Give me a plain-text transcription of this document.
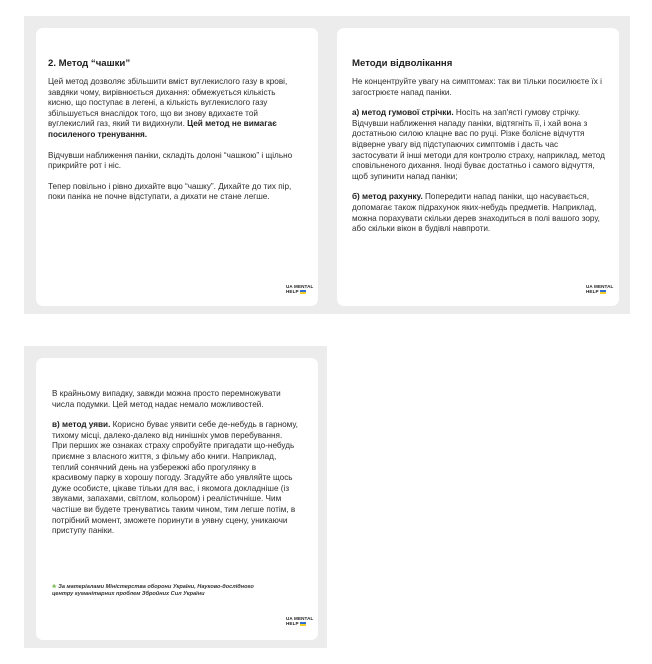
2. Метод “чашки”

Цей метод дозволяє збільшити вміст вуглекислого газу в крові, завдяки чому, вирівнюється дихання: обмежується кількість кисню, що поступає в легені, а кількість вуглекислого газу збільшується внаслідок того, що ви знову вдихаєте той вуглекислий газ, який ти видихнули. Цей метод не вимагає посиленого тренування.

Відчувши наближення паніки, складіть долоні “чашкою” і щільно прикрийте рот і ніс.

Тепер повільно і рівно дихайте вцю “чашку”. Дихайте до тих пір, поки паніка не почне відступати, а дихати не стане легше.

UA MENTAL
HELP
Методи відволікання

Не концентруйте увагу на симптомах: так ви тільки посилюєте їх і загострюєте напад паніки.

а) метод гумової стрічки. Носіть на зап'ясті гумову стрічку. Відчувши наближення нападу паніки, відтягніть її, і хай вона з достатньою силою клацне вас по руці. Різке болісне відчуття відверне увагу від підступаючих симптомів і дасть час застосувати й інші методи для контролю страху, наприклад, метод сповільненого дихання. Іноді буває достатньо і самого відчуття, щоб зупинити напад паніки;

б) метод рахунку. Попередити напад паніки, що насувається, допомагає також підрахунок яких-небудь предметів. Наприклад, можна порахувати скільки дерев знаходиться в полі вашого зору, або скільки вікон в будівлі навпроти.

UA MENTAL
HELP

В крайньому випадку, завжди можна просто перемножувати числа подумки. Цей метод надає немало можливостей.

в) метод уяви. Корисно буває уявити себе де-небудь в гарному, тихому місці, далеко-далеко від нинішніх умов перебування. При перших же ознаках страху спробуйте пригадати що-небудь приємне з власного життя, з фільму або книги. Наприклад, теплий сонячний день на узбережжі або прогулянку в красивому парку в хорошу погоду. Згадуйте або уявляйте щось дуже особисте, цікаве тільки для вас, і якомога докладніше (із звуками, запахами, світлом, кольором) і реалістичніше. Чим частіше ви будете тренуватись таким чином, тим легше потім, в потрібний момент, зможете поринути в уявну сцену, уникаючи приступу паніки.

❀ За матеріалами Міністерства оборони України, Науково-дослідного центру гуманітарних проблем Збройних Сил України
UA MENTAL
HELP
